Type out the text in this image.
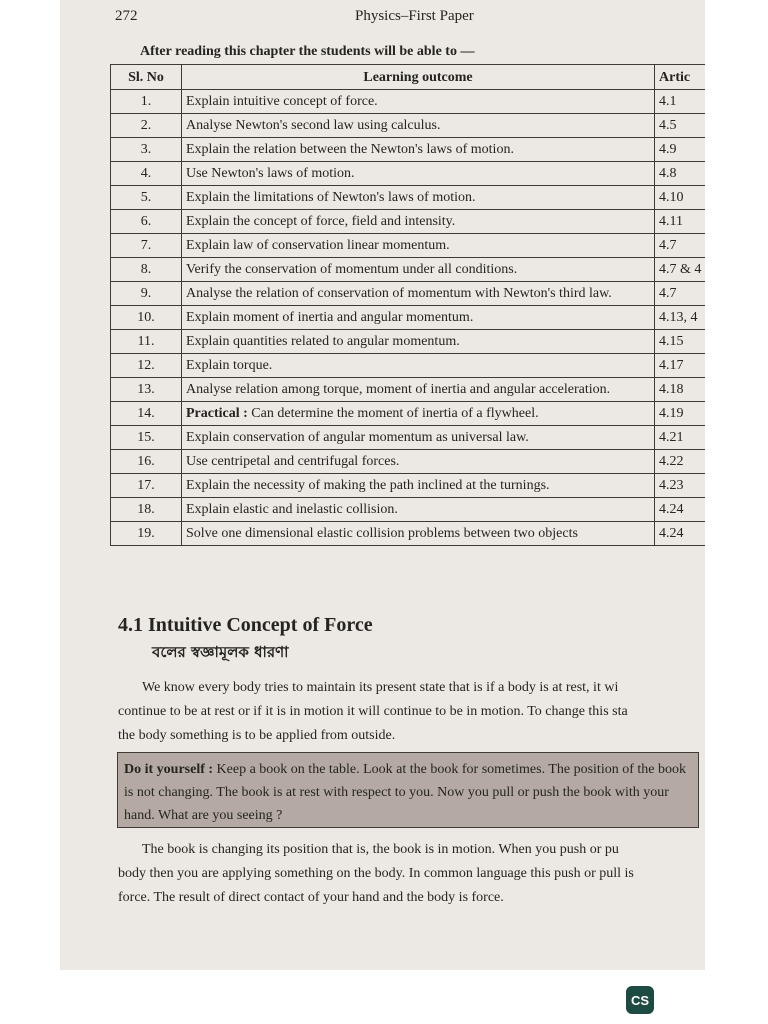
272	Physics–First Paper
After reading this chapter the students will be able to —
Sl. No	Learning outcome	Artic
1.	Explain intuitive concept of force.	4.1
2.	Analyse Newton's second law using calculus.	4.5
3.	Explain the relation between the Newton's laws of motion.	4.9
4.	Use Newton's laws of motion.	4.8
5.	Explain the limitations of Newton's laws of motion.	4.10
6.	Explain the concept of force, field and intensity.	4.11
7.	Explain law of conservation linear momentum.	4.7
8.	Verify the conservation of momentum under all conditions.	4.7 & 4
9.	Analyse the relation of conservation of momentum with Newton's third law.	4.7
10.	Explain moment of inertia and angular momentum.	4.13, 4
11.	Explain quantities related to angular momentum.	4.15
12.	Explain torque.	4.17
13.	Analyse relation among torque, moment of inertia and angular acceleration.	4.18
14.	Practical : Can determine the moment of inertia of a flywheel.	4.19
15.	Explain conservation of angular momentum as universal law.	4.21
16.	Use centripetal and centrifugal forces.	4.22
17.	Explain the necessity of making the path inclined at the turnings.	4.23
18.	Explain elastic and inelastic collision.	4.24
19.	Solve one dimensional elastic collision problems between two objects	4.24
4.1 Intuitive Concept of Force
বলের স্বজ্ঞামূলক ধারণা
We know every body tries to maintain its present state that is if a body is at rest, it wi
continue to be at rest or if it is in motion it will continue to be in motion. To change this sta
the body something is to be applied from outside.
Do it yourself : Keep a book on the table. Look at the book for sometimes. The position of the book is not changing. The book is at rest with respect to you. Now you pull or push the book with your hand. What are you seeing ?
The book is changing its position that is, the book is in motion. When you push or pu
body then you are applying something on the body. In common language this push or pull is
force. The result of direct contact of your hand and the body is force.
CS
